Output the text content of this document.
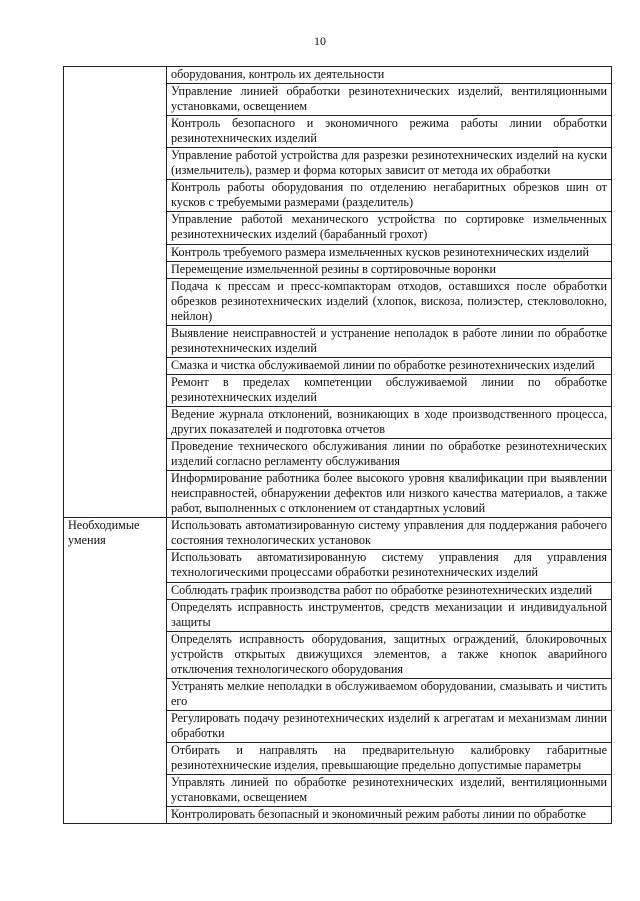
10
	оборудования, контроль их деятельности
	Управление линией обработки резинотехнических изделий, вентиляционными установками, освещением
	Контроль безопасного и экономичного режима работы линии обработки резинотехнических изделий
	Управление работой устройства для разрезки резинотехнических изделий на куски (измельчитель), размер и форма которых зависит от метода их обработки
	Контроль работы оборудования по отделению негабаритных обрезков шин от кусков с требуемыми размерами (разделитель)
	Управление работой механического устройства по сортировке измельченных резинотехнических изделий (барабанный грохот)
	Контроль требуемого размера измельченных кусков резинотехнических изделий
	Перемещение измельченной резины в сортировочные воронки
	Подача к прессам и пресс-компакторам отходов, оставшихся после обработки обрезков резинотехнических изделий (хлопок, вискоза, полиэстер, стекловолокно, нейлон)
	Выявление неисправностей и устранение неполадок в работе линии по обработке резинотехнических изделий
	Смазка и чистка обслуживаемой линии по обработке резинотехнических изделий
	Ремонт в пределах компетенции обслуживаемой линии по обработке резинотехнических изделий
	Ведение журнала отклонений, возникающих в ходе производственного процесса, других показателей и подготовка отчетов
	Проведение технического обслуживания линии по обработке резинотехнических изделий согласно регламенту обслуживания
	Информирование работника более высокого уровня квалификации при выявлении неисправностей, обнаружении дефектов или низкого качества материалов, а также работ, выполненных с отклонением от стандартных условий
Необходимые умения	Использовать автоматизированную систему управления для поддержания рабочего состояния технологических установок
	Использовать автоматизированную систему управления для управления технологическими процессами обработки резинотехнических изделий
	Соблюдать график производства работ по обработке резинотехнических изделий
	Определять исправность инструментов, средств механизации и индивидуальной защиты
	Определять исправность оборудования, защитных ограждений, блокировочных устройств открытых движущихся элементов, а также кнопок аварийного отключения технологического оборудования
	Устранять мелкие неполадки в обслуживаемом оборудовании, смазывать и чистить его
	Регулировать подачу резинотехнических изделий к агрегатам и механизмам линии обработки
	Отбирать и направлять на предварительную калибровку габаритные резинотехнические изделия, превышающие предельно допустимые параметры
	Управлять линией по обработке резинотехнических изделий, вентиляционными установками, освещением
	Контролировать безопасный и экономичный режим работы линии по обработке
